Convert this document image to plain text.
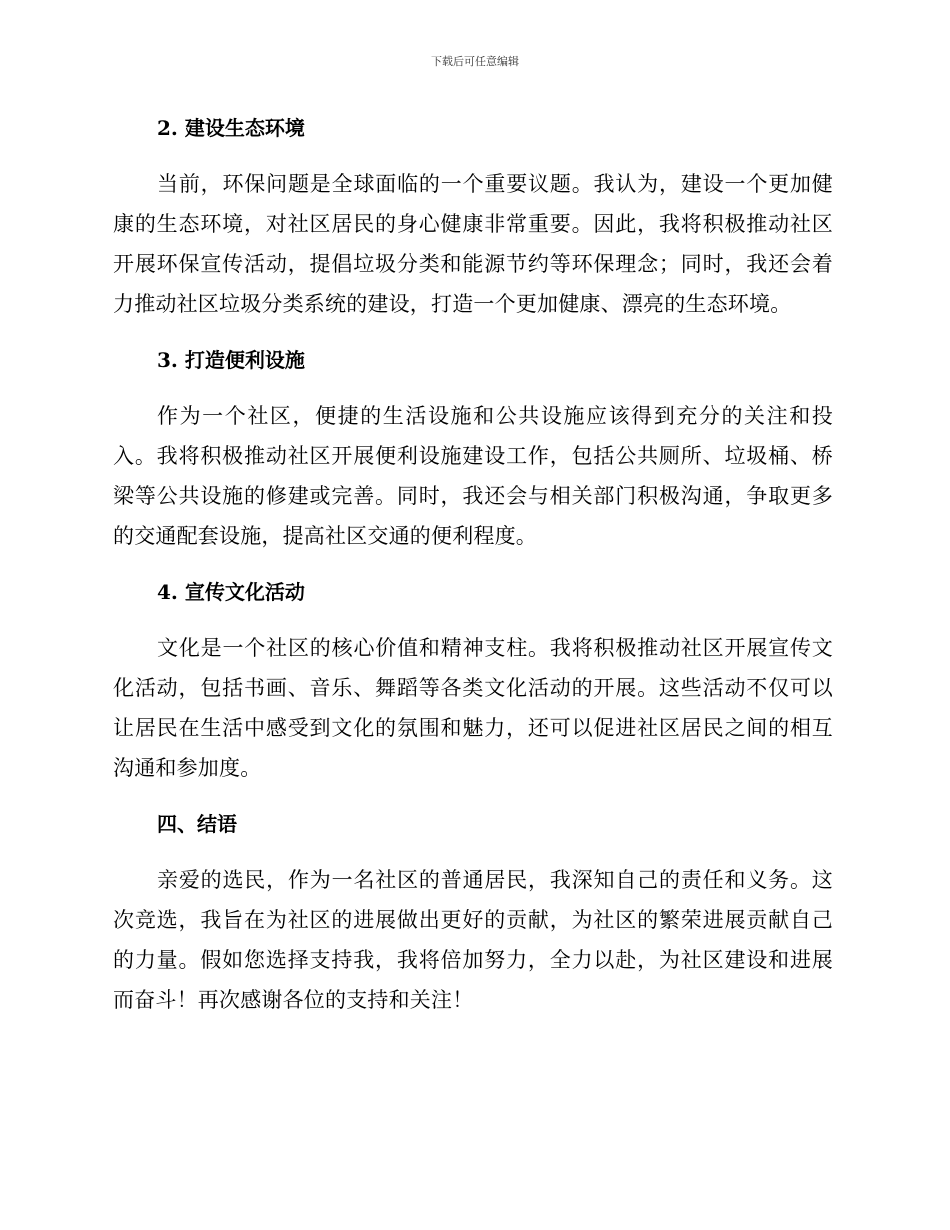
下载后可任意编辑
2. 建设生态环境

当前，环保问题是全球面临的一个重要议题。我认为，建设一个更加健康的生态环境，对社区居民的身心健康非常重要。因此，我将积极推动社区开展环保宣传活动，提倡垃圾分类和能源节约等环保理念；同时，我还会着力推动社区垃圾分类系统的建设，打造一个更加健康、漂亮的生态环境。

3. 打造便利设施

作为一个社区，便捷的生活设施和公共设施应该得到充分的关注和投入。我将积极推动社区开展便利设施建设工作，包括公共厕所、垃圾桶、桥梁等公共设施的修建或完善。同时，我还会与相关部门积极沟通，争取更多的交通配套设施，提高社区交通的便利程度。

4. 宣传文化活动

文化是一个社区的核心价值和精神支柱。我将积极推动社区开展宣传文化活动，包括书画、音乐、舞蹈等各类文化活动的开展。这些活动不仅可以让居民在生活中感受到文化的氛围和魅力，还可以促进社区居民之间的相互沟通和参加度。

四、结语

亲爱的选民，作为一名社区的普通居民，我深知自己的责任和义务。这次竞选，我旨在为社区的进展做出更好的贡献，为社区的繁荣进展贡献自己的力量。假如您选择支持我，我将倍加努力，全力以赴，为社区建设和进展而奋斗！再次感谢各位的支持和关注！
